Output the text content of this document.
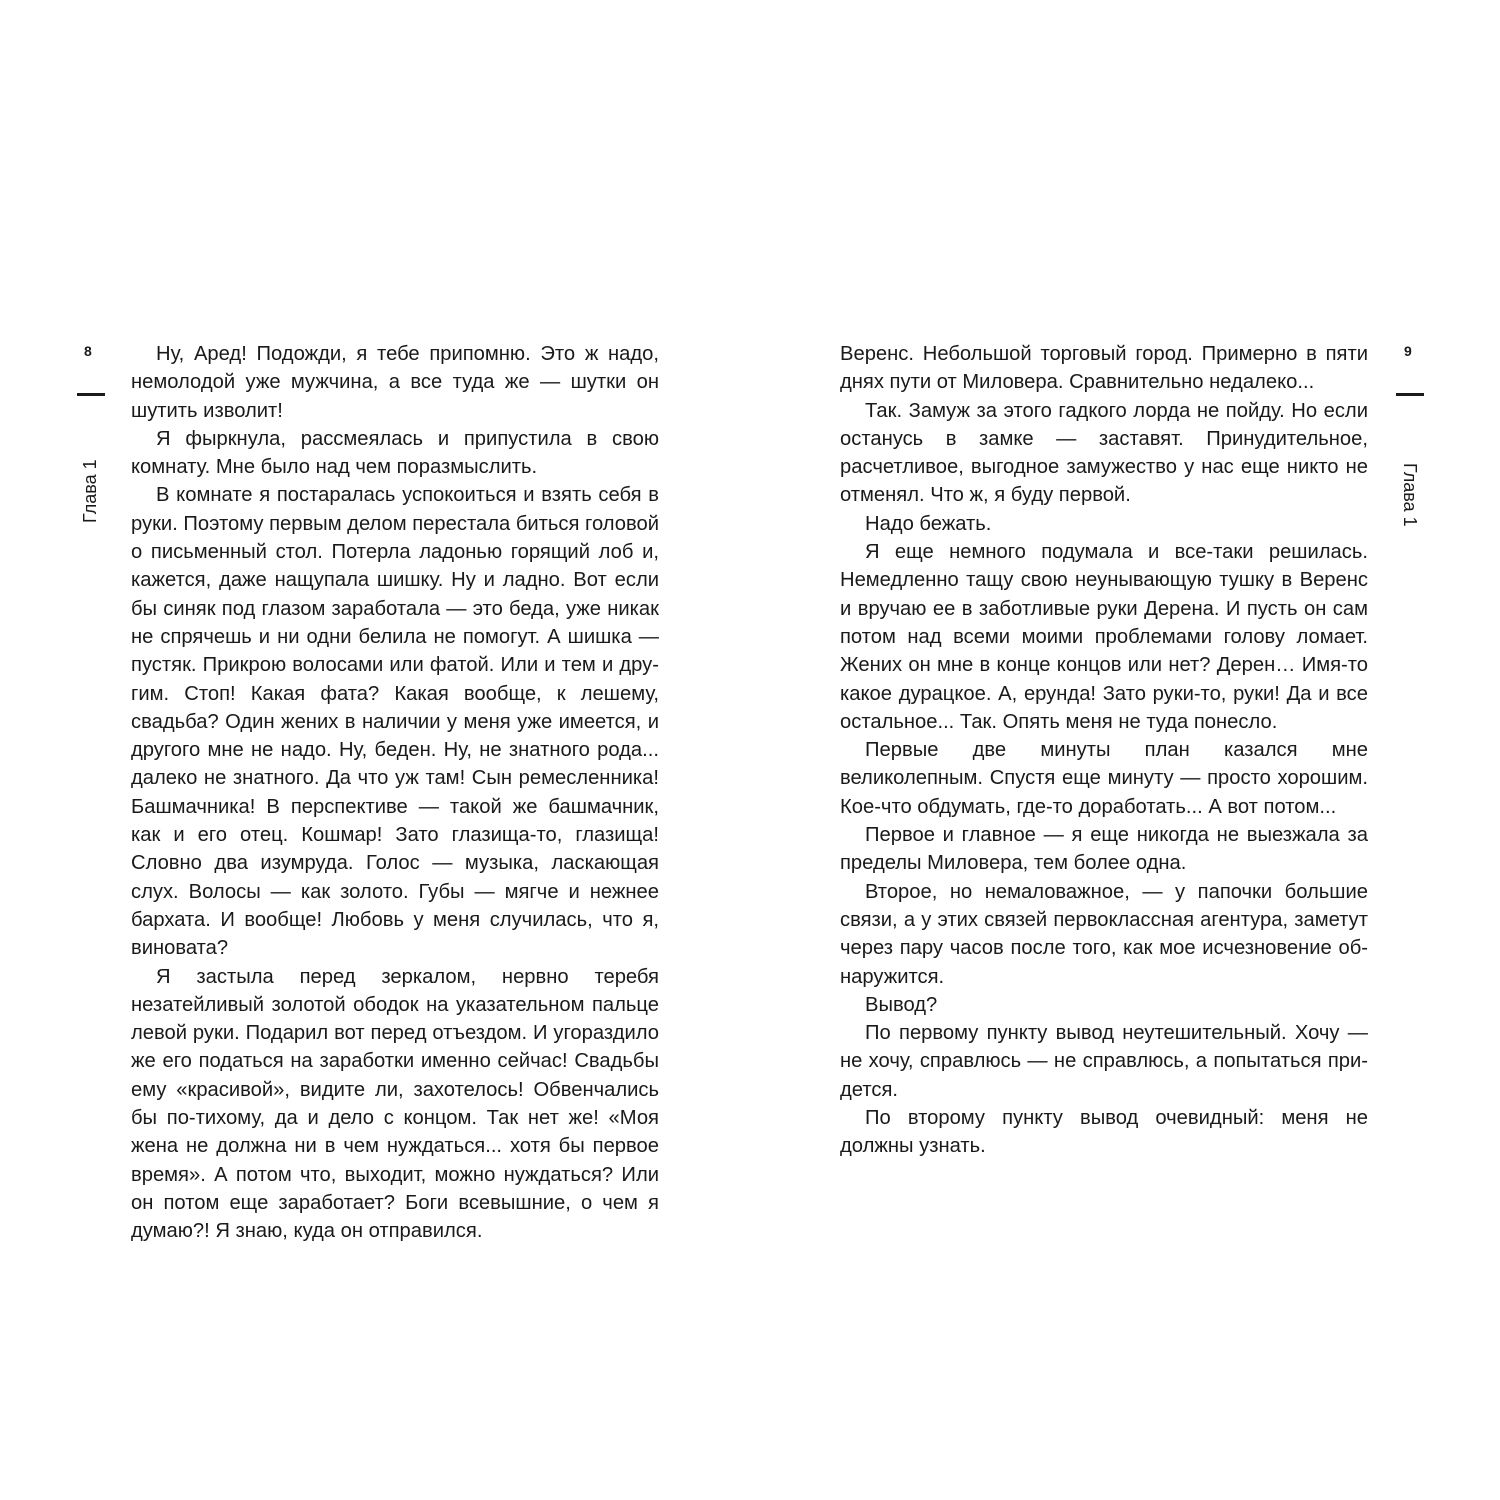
8
Глава 1

Ну, Аред! Подожди, я тебе припомню. Это ж надо, немолодой уже мужчина, а все туда же — шутки он шутить изволит!

Я фыркнула, рассмеялась и припустила в свою комнату. Мне было над чем поразмыслить.

В комнате я постаралась успокоиться и взять себя в руки. Поэтому первым делом перестала биться головой о письменный стол. Потерла ладонью горящий лоб и, кажется, даже нащупала шишку. Ну и ладно. Вот если бы синяк под глазом заработала — это беда, уже никак не спрячешь и ни одни белила не помогут. А шишка — пустяк. Прикрою волосами или фатой. Или и тем и другим. Стоп! Какая фата? Какая вообще, к лешему, свадьба? Один жених в наличии у меня уже имеется, и другого мне не надо. Ну, беден. Ну, не знатного рода... далеко не знатного. Да что уж там! Сын ремесленника! Башмачника! В перспективе — такой же башмачник, как и его отец. Кошмар! Зато глазища-то, глазища! Словно два изумруда. Голос — музыка, ласкающая слух. Волосы — как золото. Губы — мягче и нежнее бархата. И вообще! Любовь у меня случилась, что я, виновата?

Я застыла перед зеркалом, нервно теребя незатейливый золотой ободок на указательном пальце левой руки. Подарил вот перед отъездом. И угораздило же его податься на заработки именно сейчас! Свадьбы ему «красивой», видите ли, захотелось! Обвенчались бы по-тихому, да и дело с концом. Так нет же! «Моя жена не должна ни в чем нуждаться... хотя бы первое время». А потом что, выходит, можно нуждаться? Или он потом еще заработает? Боги всевышние, о чем я думаю?! Я знаю, куда он отправился.

9
Глава 1

Веренс. Небольшой торговый город. Примерно в пяти днях пути от Миловера. Сравнительно недалеко...

Так. Замуж за этого гадкого лорда не пойду. Но если останусь в замке — заставят. Принудительное, расчетливое, выгодное замужество у нас еще никто не отменял. Что ж, я буду первой.

Надо бежать.

Я еще немного подумала и все-таки решилась. Немедленно тащу свою неунывающую тушку в Веренс и вручаю ее в заботливые руки Дерена. И пусть он сам потом над всеми моими проблемами голову ломает. Жених он мне в конце концов или нет? Дерен… Имя-то какое дурацкое. А, ерунда! Зато руки-то, руки! Да и все остальное... Так. Опять меня не туда понесло.

Первые две минуты план казался мне великолепным. Спустя еще минуту — просто хорошим. Кое-что обдумать, где-то доработать... А вот потом...

Первое и главное — я еще никогда не выезжала за пределы Миловера, тем более одна.

Второе, но немаловажное, — у папочки большие связи, а у этих связей первоклассная агентура, заметут через пару часов после того, как мое исчезновение обнаружится.

Вывод?

По первому пункту вывод неутешительный. Хочу — не хочу, справлюсь — не справлюсь, а попытаться придется.

По второму пункту вывод очевидный: меня не должны узнать.
